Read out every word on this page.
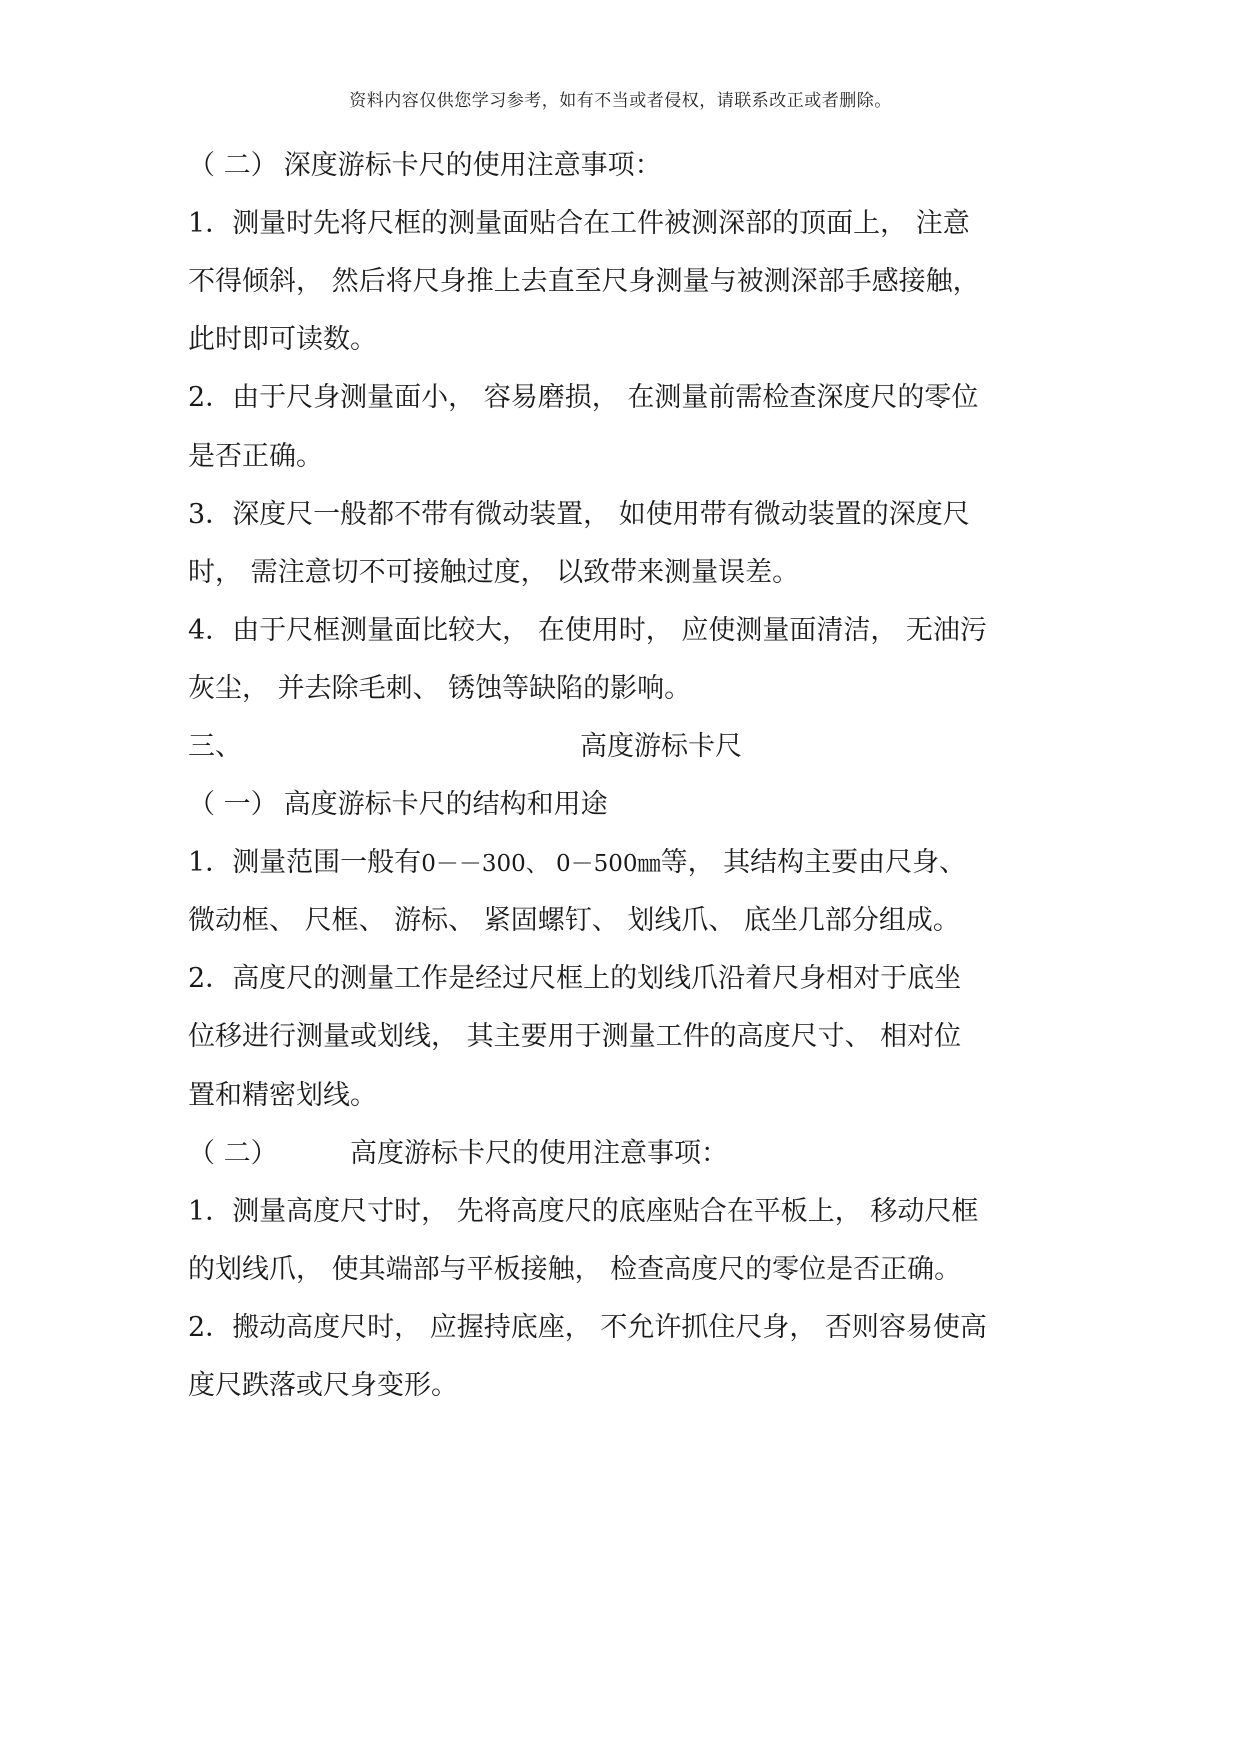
资料内容仅供您学习参考，如有不当或者侵权，请联系改正或者删除。
（ 二） 深度游标卡尺的使用注意事项：
1．测量时先将尺框的测量面贴合在工件被测深部的顶面上， 注意
不得倾斜， 然后将尺身推上去直至尺身测量与被测深部手感接触，
此时即可读数。
2．由于尺身测量面小， 容易磨损， 在测量前需检查深度尺的零位
是否正确。
3．深度尺一般都不带有微动装置， 如使用带有微动装置的深度尺
时， 需注意切不可接触过度， 以致带来测量误差。
4．由于尺框测量面比较大， 在使用时， 应使测量面清洁， 无油污
灰尘， 并去除毛刺、 锈蚀等缺陷的影响。
三、	高度游标卡尺
（ 一） 高度游标卡尺的结构和用途
1．测量范围一般有0－－300、 0－500㎜等， 其结构主要由尺身、
微动框、 尺框、 游标、 紧固螺钉、 划线爪、 底坐几部分组成。
2．高度尺的测量工作是经过尺框上的划线爪沿着尺身相对于底坐
位移进行测量或划线， 其主要用于测量工件的高度尺寸、 相对位
置和精密划线。
（ 二）	高度游标卡尺的使用注意事项：
1．测量高度尺寸时， 先将高度尺的底座贴合在平板上， 移动尺框
的划线爪， 使其端部与平板接触， 检查高度尺的零位是否正确。
2．搬动高度尺时， 应握持底座， 不允许抓住尺身， 否则容易使高
度尺跌落或尺身变形。
